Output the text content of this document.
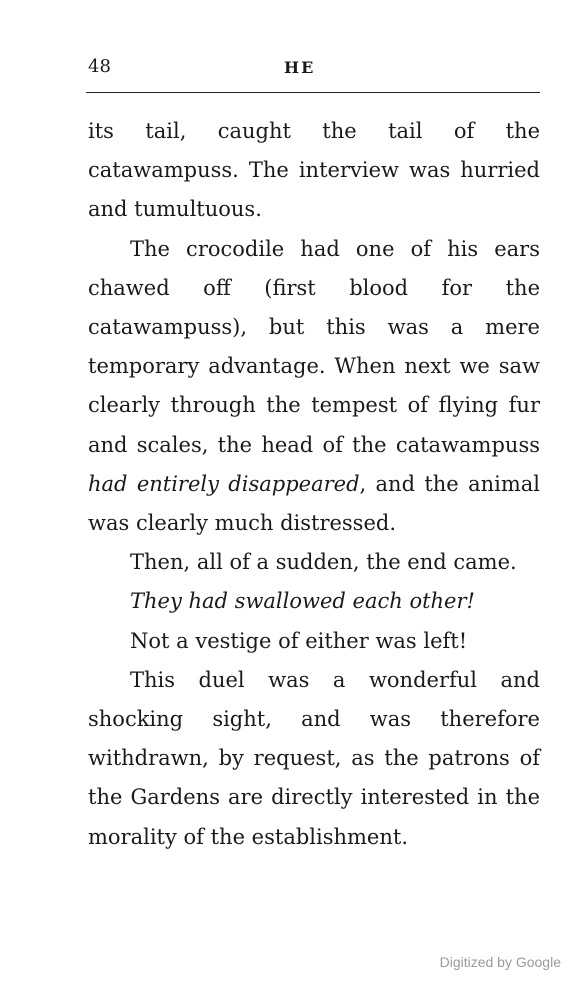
48	HE

its tail, caught the tail of the catawampuss. The interview was hurried and tumultuous.

The crocodile had one of his ears chawed off (first blood for the catawampuss), but this was a mere temporary advantage. When next we saw clearly through the tempest of flying fur and scales, the head of the catawampuss had entirely disappeared, and the animal was clearly much distressed.

Then, all of a sudden, the end came.

They had swallowed each other!

Not a vestige of either was left!

This duel was a wonderful and shocking sight, and was therefore withdrawn, by request, as the patrons of the Gardens are directly interested in the morality of the establishment.

Digitized by Google
